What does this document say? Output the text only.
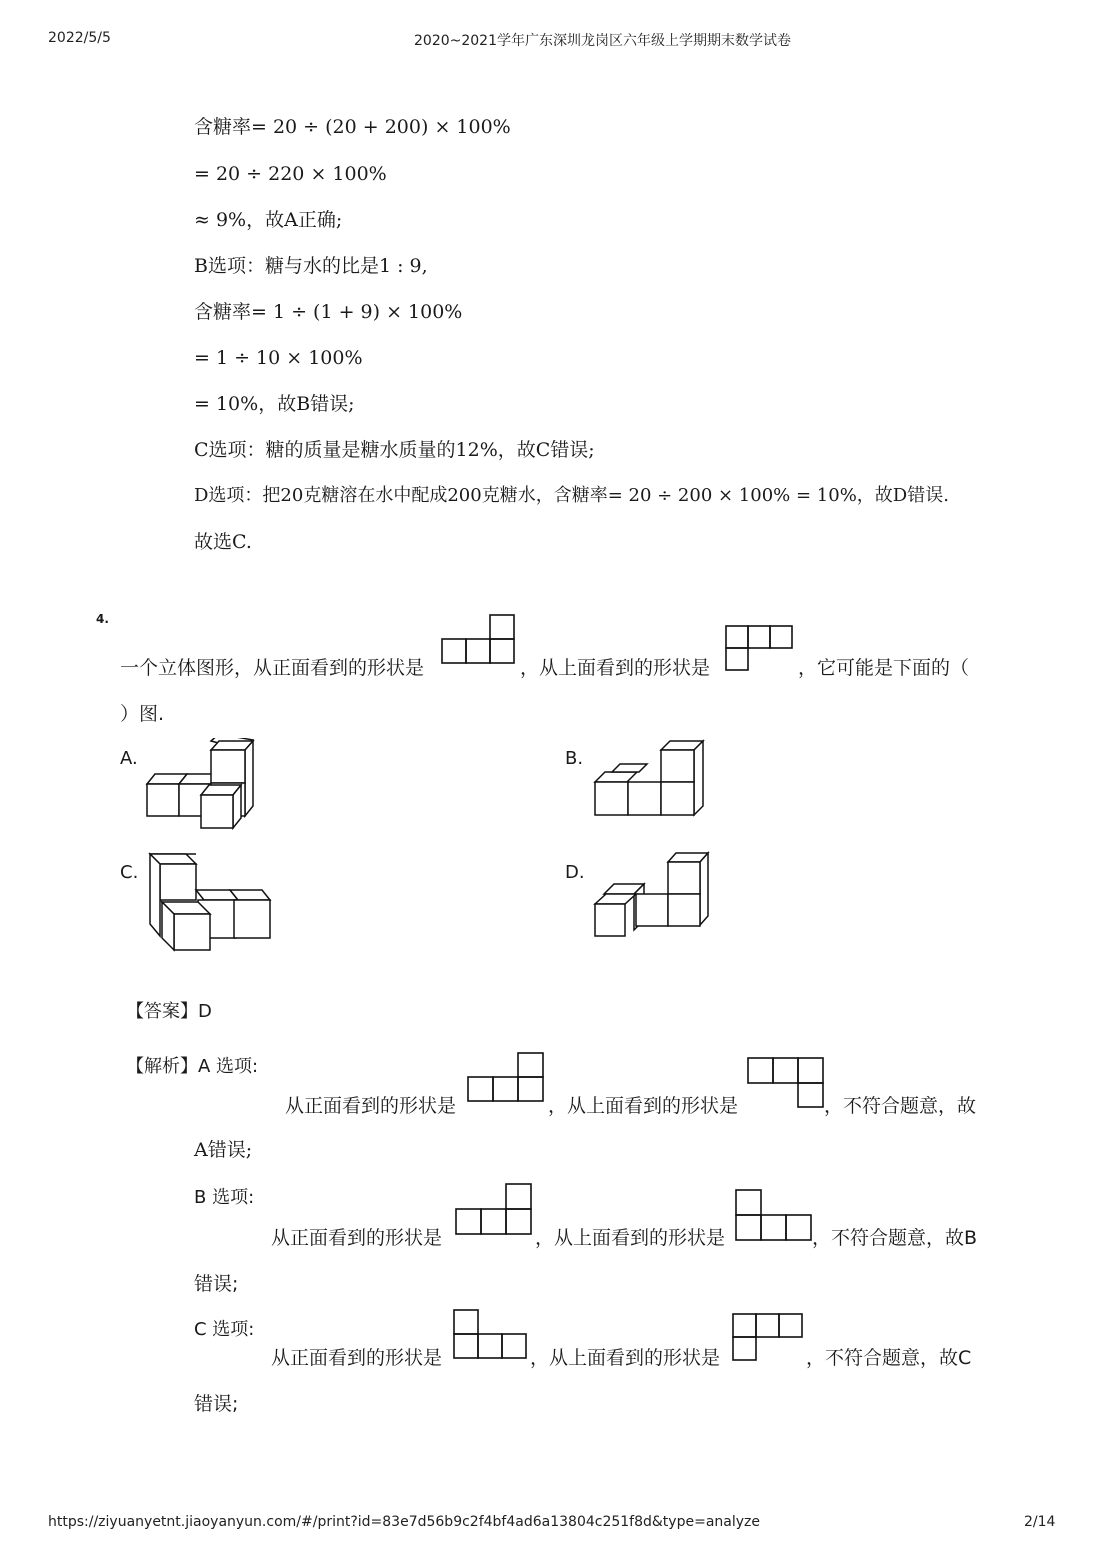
2022/5/5	2020~2021学年广东深圳龙岗区六年级上学期期末数学试卷
含糖率= 20 ÷ (20 + 200) × 100%
= 20 ÷ 220 × 100%
≈ 9%，故A正确;
B选项：糖与水的比是1 : 9,
含糖率= 1 ÷ (1 + 9) × 100%
= 1 ÷ 10 × 100%
= 10%，故B错误;
C选项：糖的质量是糖水质量的12%，故C错误;
D选项：把20克糖溶在水中配成200克糖水，含糖率= 20 ÷ 200 × 100% = 10%，故D错误.
故选C.
4.
一个立体图形，从正面看到的形状是	，从上面看到的形状是	，它可能是下面的（
）图.
A.	B.
C.	D.
【答案】D
【解析】A 选项:
从正面看到的形状是	，从上面看到的形状是	，不符合题意，故
A错误;
B 选项:
从正面看到的形状是	，从上面看到的形状是	，不符合题意，故B
错误;
C 选项:
从正面看到的形状是	，从上面看到的形状是	，不符合题意，故C
错误;
https://ziyuanyetnt.jiaoyanyun.com/#/print?id=83e7d56b9c2f4bf4ad6a13804c251f8d&type=analyze	2/14
